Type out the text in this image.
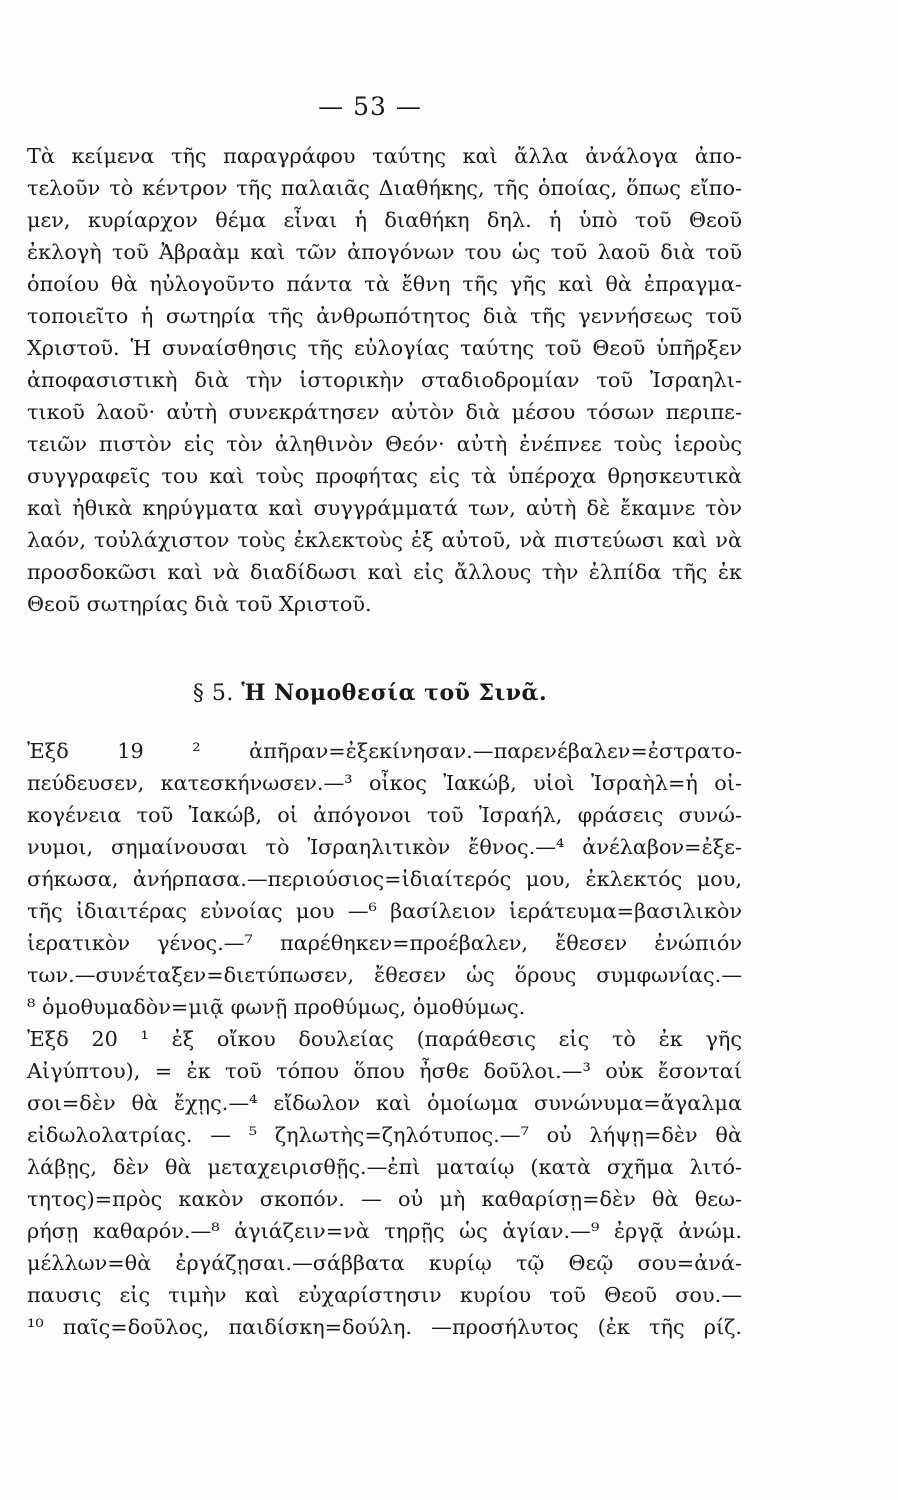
— 53 —
Τὰ κείμενα τῆς παραγράφου ταύτης καὶ ἄλλα ἀνάλογα ἀπο-
τελοῦν τὸ κέντρον τῆς παλαιᾶς Διαθήκης, τῆς ὁποίας, ὅπως εἴπο-
μεν, κυρίαρχον θέμα εἶναι ἡ διαθήκη δηλ. ἡ ὑπὸ τοῦ Θεοῦ
ἐκλογὴ τοῦ Ἀβραὰμ καὶ τῶν ἀπογόνων του ὡς τοῦ λαοῦ διὰ τοῦ
ὁποίου θὰ ηὐλογοῦντο πάντα τὰ ἔθνη τῆς γῆς καὶ θὰ ἐπραγμα-
τοποιεῖτο ἡ σωτηρία τῆς ἀνθρωπότητος διὰ τῆς γεννήσεως τοῦ
Χριστοῦ. Ἡ συναίσθησις τῆς εὐλογίας ταύτης τοῦ Θεοῦ ὑπῆρξεν
ἀποφασιστικὴ διὰ τὴν ἱστορικὴν σταδιοδρομίαν τοῦ Ἰσραηλι-
τικοῦ λαοῦ· αὐτὴ συνεκράτησεν αὐτὸν διὰ μέσου τόσων περιπε-
τειῶν πιστὸν εἰς τὸν ἀληθινὸν Θεόν· αὐτὴ ἐνέπνεε τοὺς ἱεροὺς
συγγραφεῖς του καὶ τοὺς προφήτας εἰς τὰ ὑπέροχα θρησκευτικὰ
καὶ ἠθικὰ κηρύγματα καὶ συγγράμματά των, αὐτὴ δὲ ἔκαμνε τὸν
λαόν, τοὐλάχιστον τοὺς ἐκλεκτοὺς ἐξ αὐτοῦ, νὰ πιστεύωσι καὶ νὰ
προσδοκῶσι καὶ νὰ διαδίδωσι καὶ εἰς ἄλλους τὴν ἐλπίδα τῆς ἐκ
Θεοῦ σωτηρίας διὰ τοῦ Χριστοῦ.
§ 5. Ἡ Νομοθεσία τοῦ Σινᾶ.
Ἐξδ 19 ² ἀπῆραν=ἐξεκίνησαν.—παρενέβαλεν=ἐστρατο-
πεύδευσεν, κατεσκήνωσεν.—³ οἶκος Ἰακώβ, υἱοὶ Ἰσραὴλ=ἡ οἰ-
κογένεια τοῦ Ἰακώβ, οἱ ἀπόγονοι τοῦ Ἰσραήλ, φράσεις συνώ-
νυμοι, σημαίνουσαι τὸ Ἰσραηλιτικὸν ἔθνος.—⁴ ἀνέλαβον=ἐξε-
σήκωσα, ἀνήρπασα.—περιούσιος=ἰδιαίτερός μου, ἐκλεκτός μου,
τῆς ἰδιαιτέρας εὐνοίας μου —⁶ βασίλειον ἱεράτευμα=βασιλικὸν
ἱερατικὸν γένος.—⁷ παρέθηκεν=προέβαλεν, ἔθεσεν ἐνώπιόν
των.—συνέταξεν=διετύπωσεν, ἔθεσεν ὡς ὅρους συμφωνίας.—
⁸ ὁμοθυμαδὸν=μιᾷ φωνῇ προθύμως, ὁμοθύμως.
Ἐξδ 20 ¹ ἐξ οἴκου δουλείας (παράθεσις εἰς τὸ ἐκ γῆς
Αἰγύπτου), = ἐκ τοῦ τόπου ὅπου ἦσθε δοῦλοι.—³ οὐκ ἔσονταί
σοι=δὲν θὰ ἔχῃς.—⁴ εἴδωλον καὶ ὁμοίωμα συνώνυμα=ἄγαλμα
εἰδωλολατρίας. — ⁵ ζηλωτὴς=ζηλότυπος.—⁷ οὐ λήψῃ=δὲν θὰ
λάβῃς, δὲν θὰ μεταχειρισθῇς.—ἐπὶ ματαίῳ (κατὰ σχῆμα λιτό-
τητος)=πρὸς κακὸν σκοπόν. — οὐ μὴ καθαρίσῃ=δὲν θὰ θεω-
ρήσῃ καθαρόν.—⁸ ἁγιάζειν=νὰ τηρῇς ὡς ἁγίαν.—⁹ ἐργᾷ ἀνώμ.
μέλλων=θὰ ἐργάζῃσαι.—σάββατα κυρίῳ τῷ Θεῷ σου=ἀνά-
παυσις εἰς τιμὴν καὶ εὐχαρίστησιν κυρίου τοῦ Θεοῦ σου.—
¹⁰ παῖς=δοῦλος, παιδίσκη=δούλη. —προσήλυτος (ἐκ τῆς ρίζ.
